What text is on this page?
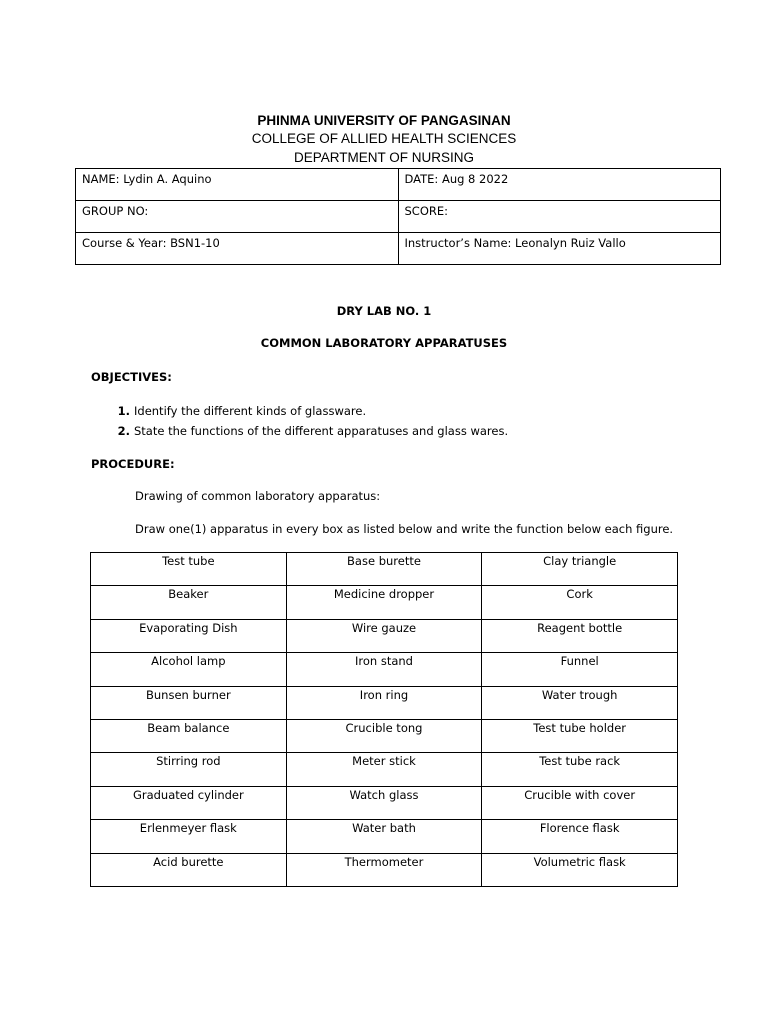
PHINMA UNIVERSITY OF PANGASINAN
COLLEGE OF ALLIED HEALTH SCIENCES
DEPARTMENT OF NURSING
NAME: Lydin A. Aquino	DATE: Aug 8 2022
GROUP NO:	SCORE:
Course & Year: BSN1-10	Instructor’s Name: Leonalyn Ruiz Vallo
DRY LAB NO. 1
COMMON LABORATORY APPARATUSES
OBJECTIVES:
1. Identify the different kinds of glassware.
2. State the functions of the different apparatuses and glass wares.
PROCEDURE:
Drawing of common laboratory apparatus:
Draw one(1) apparatus in every box as listed below and write the function below each figure.
Test tube	Base burette	Clay triangle
Beaker	Medicine dropper	Cork
Evaporating Dish	Wire gauze	Reagent bottle
Alcohol lamp	Iron stand	Funnel
Bunsen burner	Iron ring	Water trough
Beam balance	Crucible tong	Test tube holder
Stirring rod	Meter stick	Test tube rack
Graduated cylinder	Watch glass	Crucible with cover
Erlenmeyer flask	Water bath	Florence flask
Acid burette	Thermometer	Volumetric flask
